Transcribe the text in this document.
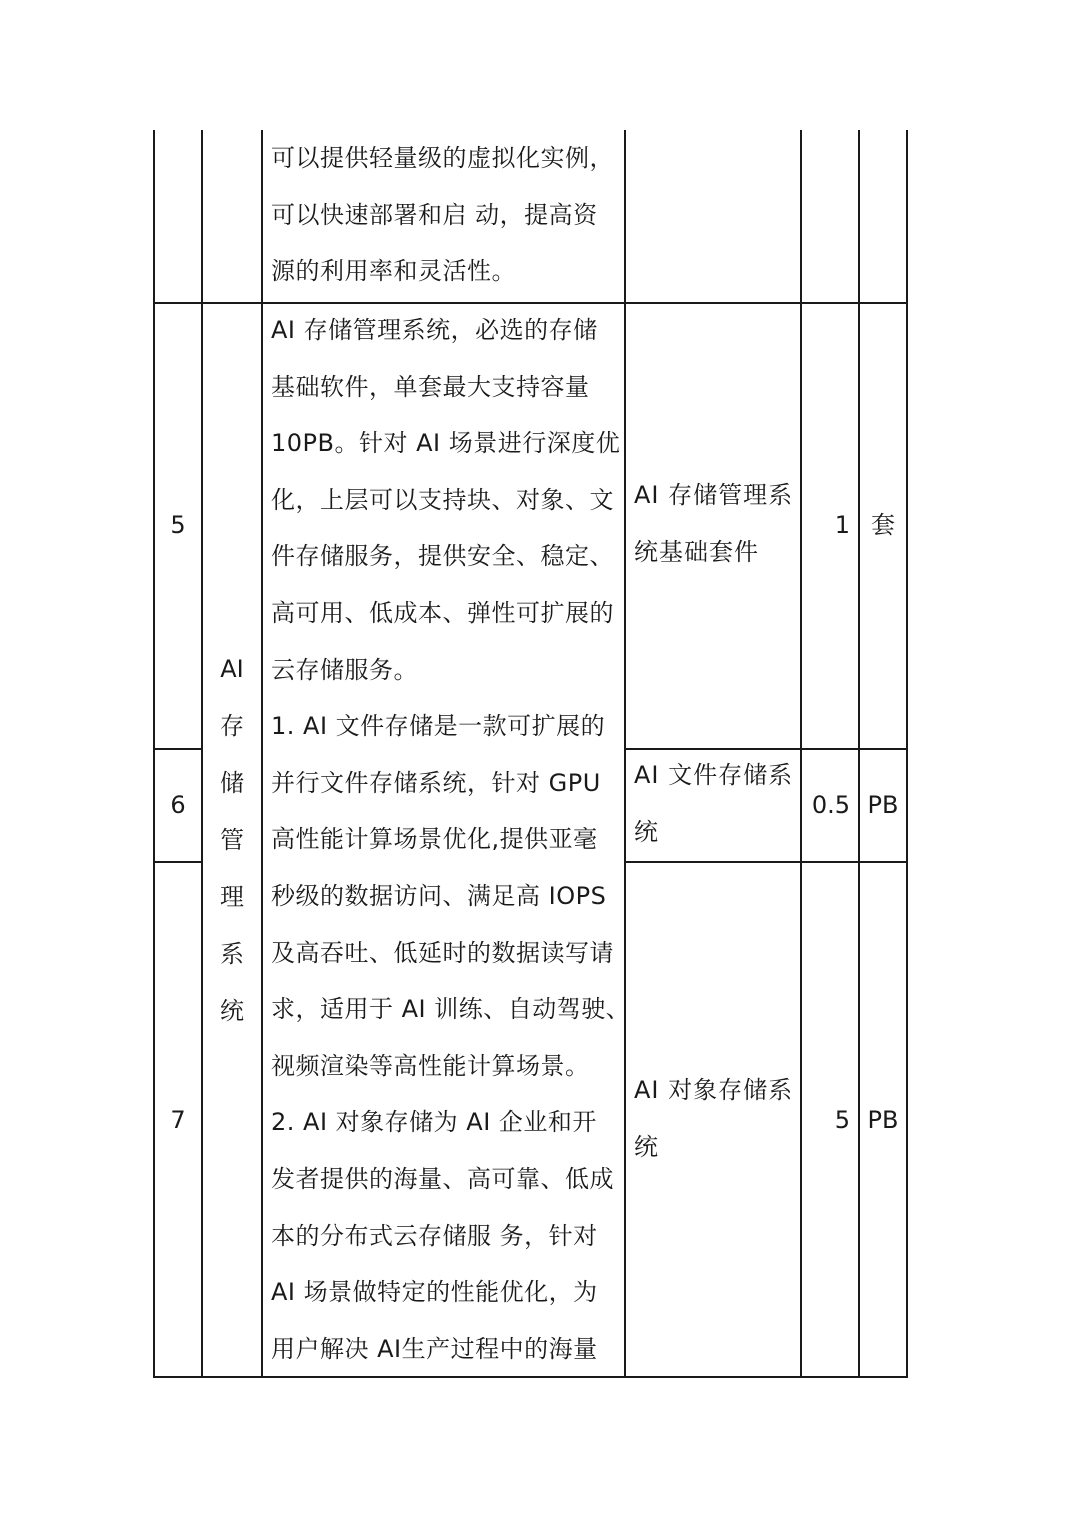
可以提供轻量级的虚拟化实例，
可以快速部署和启 动，提高资
源的利用率和灵活性。
AI
存
储
管
理
系
统
AI 存储管理系统，必选的存储
基础软件，单套最大支持容量
10PB。针对 AI 场景进行深度优
化，上层可以支持块、对象、文
件存储服务，提供安全、稳定、
高可用、低成本、弹性可扩展的
云存储服务。
1. AI 文件存储是一款可扩展的
并行文件存储系统，针对 GPU
高性能计算场景优化,提供亚毫
秒级的数据访问、满足高 IOPS
及高吞吐、低延时的数据读写请
求，适用于 AI 训练、自动驾驶、
视频渲染等高性能计算场景。
2. AI 对象存储为 AI 企业和开
发者提供的海量、高可靠、低成
本的分布式云存储服 务，针对
AI 场景做特定的性能优化，为
用户解决 AI生产过程中的海量
5
AI 存储管理系
统基础套件
1 套
6
AI 文件存储系
统
0.5 PB
7
AI 对象存储系
统
5 PB
